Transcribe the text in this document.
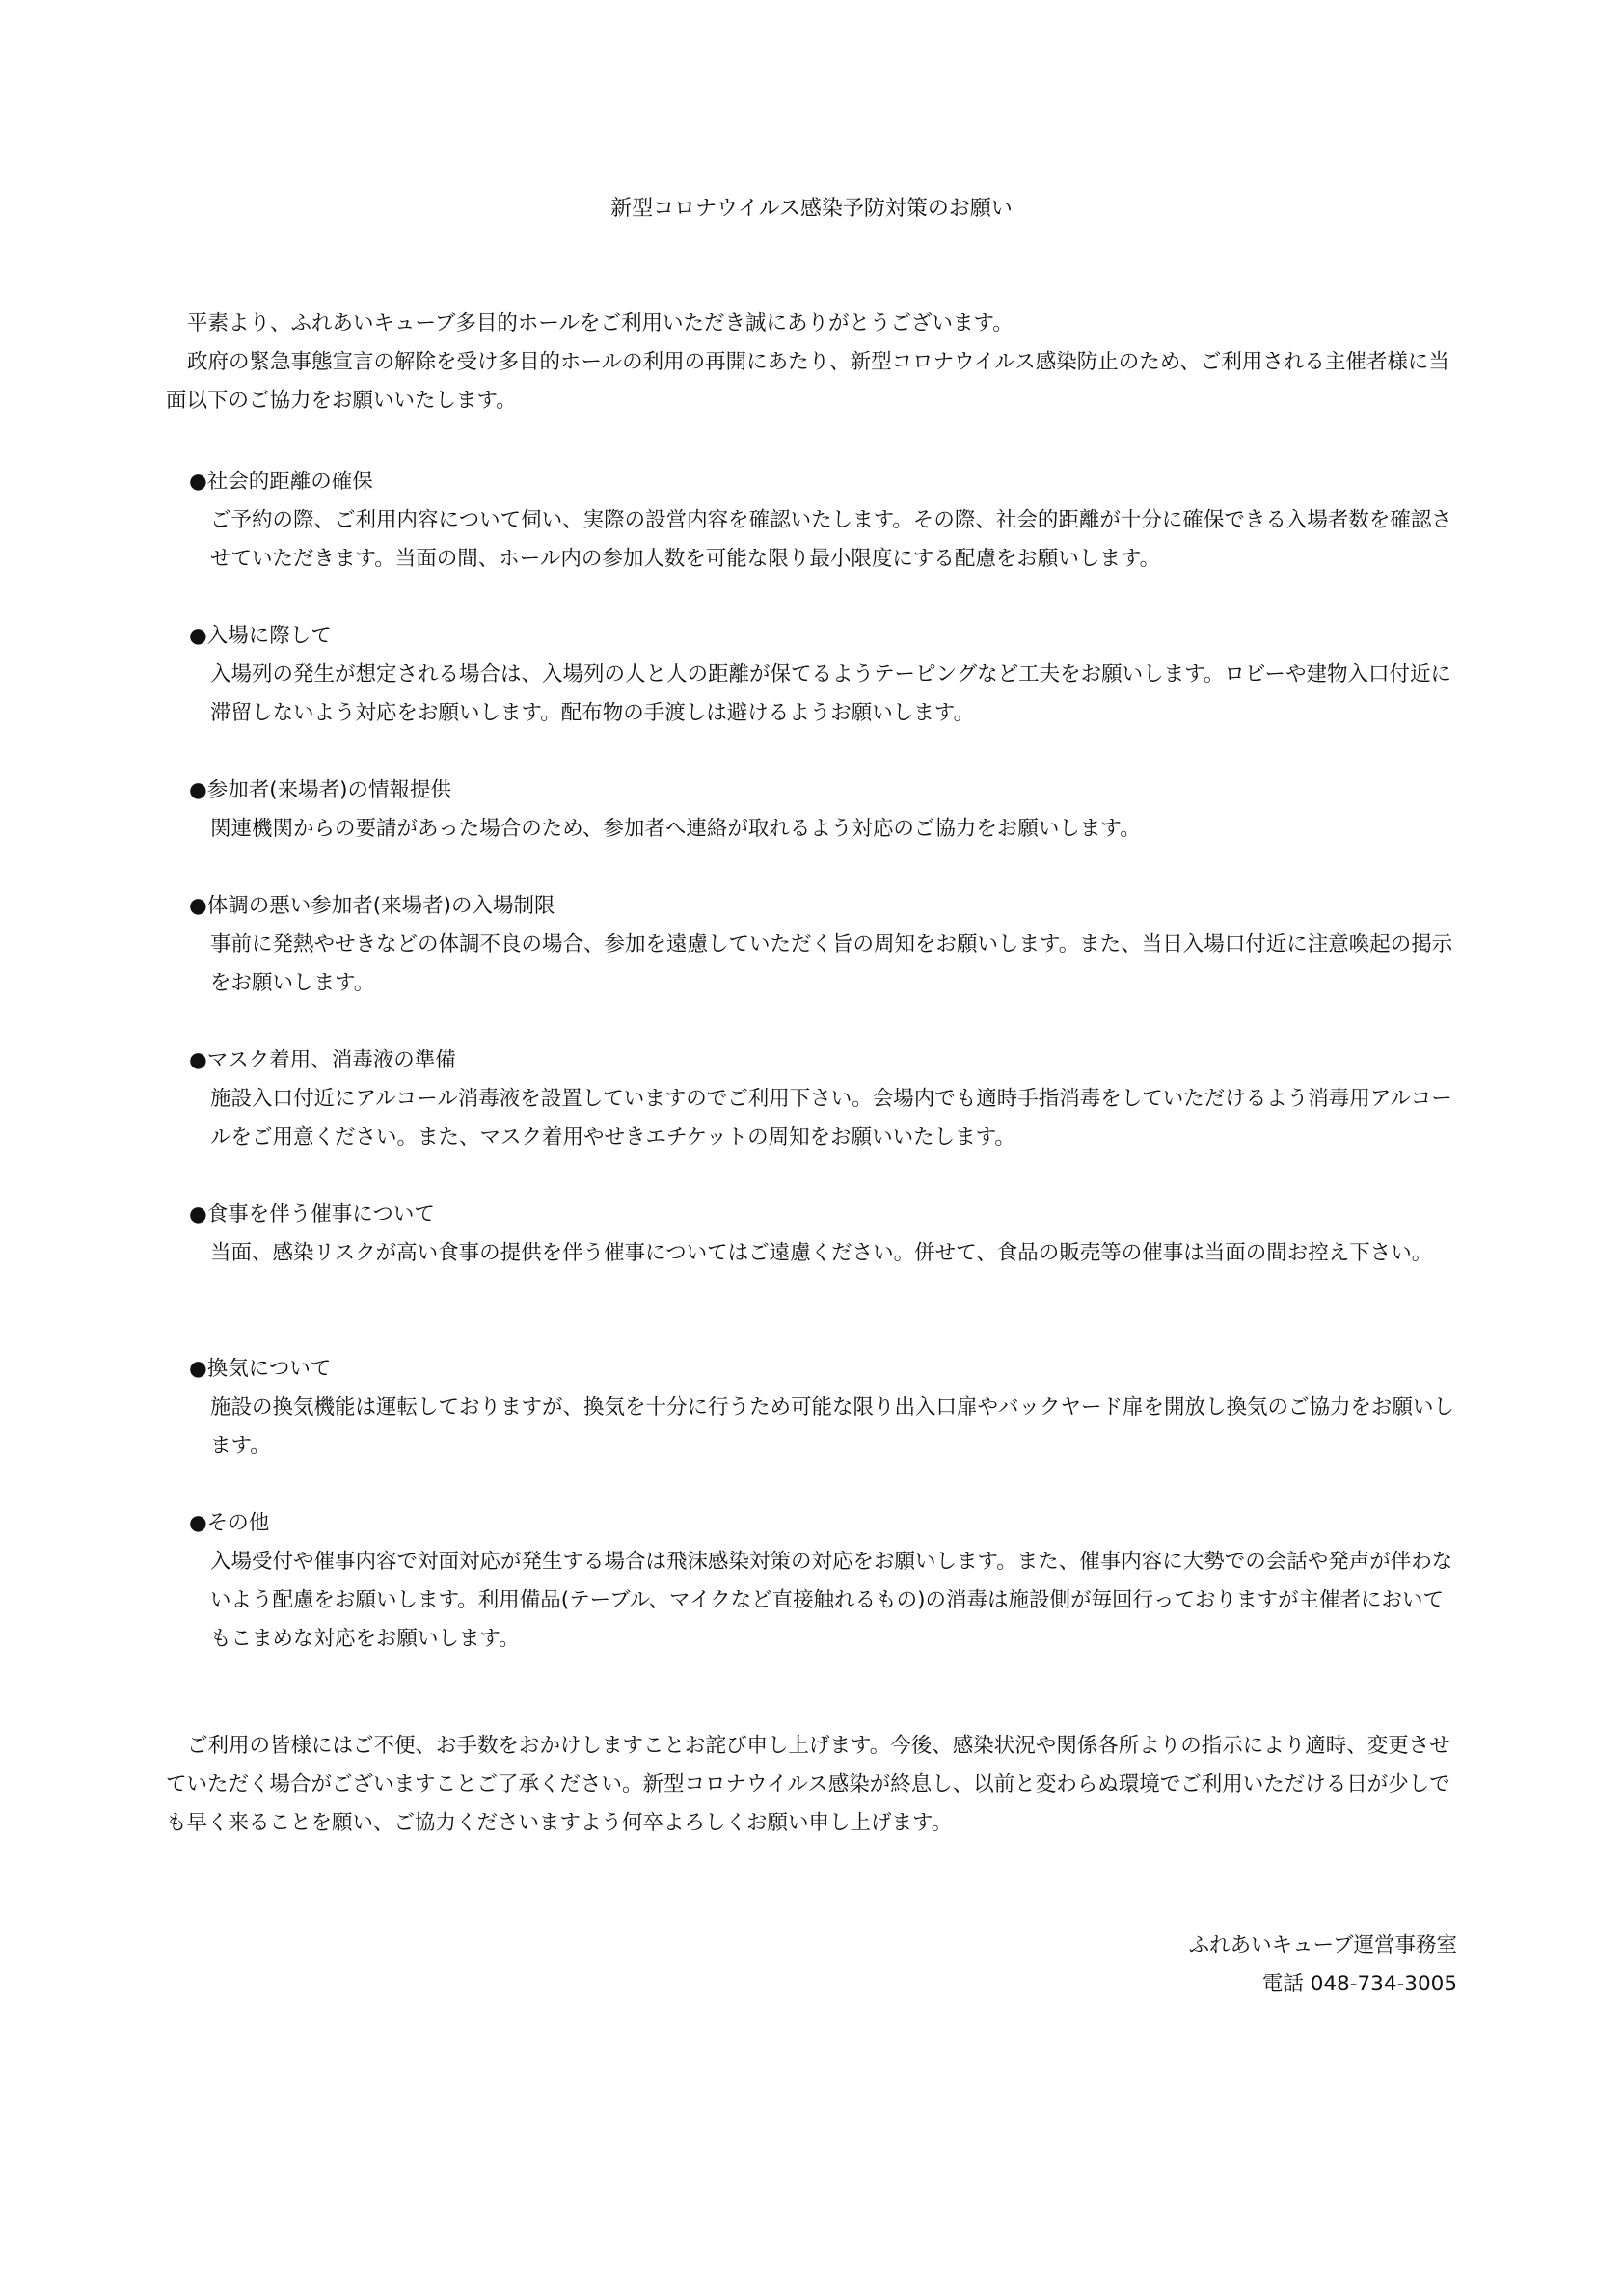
新型コロナウイルス感染予防対策のお願い

平素より、ふれあいキューブ多目的ホールをご利用いただき誠にありがとうございます。

政府の緊急事態宣言の解除を受け多目的ホールの利用の再開にあたり、新型コロナウイルス感染防止のため、ご利用される主催者様に当面以下のご協力をお願いいたします。

●社会的距離の確保
ご予約の際、ご利用内容について伺い、実際の設営内容を確認いたします。その際、社会的距離が十分に確保できる入場者数を確認させていただきます。当面の間、ホール内の参加人数を可能な限り最小限度にする配慮をお願いします。
●入場に際して
入場列の発生が想定される場合は、入場列の人と人の距離が保てるようテーピングなど工夫をお願いします。ロビーや建物入口付近に滞留しないよう対応をお願いします。配布物の手渡しは避けるようお願いします。
●参加者(来場者)の情報提供
関連機関からの要請があった場合のため、参加者へ連絡が取れるよう対応のご協力をお願いします。
●体調の悪い参加者(来場者)の入場制限
事前に発熱やせきなどの体調不良の場合、参加を遠慮していただく旨の周知をお願いします。また、当日入場口付近に注意喚起の掲示をお願いします。
●マスク着用、消毒液の準備
施設入口付近にアルコール消毒液を設置していますのでご利用下さい。会場内でも適時手指消毒をしていただけるよう消毒用アルコールをご用意ください。また、マスク着用やせきエチケットの周知をお願いいたします。
●食事を伴う催事について
当面、感染リスクが高い食事の提供を伴う催事についてはご遠慮ください。併せて、食品の販売等の催事は当面の間お控え下さい。
●換気について
施設の換気機能は運転しておりますが、換気を十分に行うため可能な限り出入口扉やバックヤード扉を開放し換気のご協力をお願いします。
●その他
入場受付や催事内容で対面対応が発生する場合は飛沫感染対策の対応をお願いします。また、催事内容に大勢での会話や発声が伴わないよう配慮をお願いします。利用備品(テーブル、マイクなど直接触れるもの)の消毒は施設側が毎回行っておりますが主催者においてもこまめな対応をお願いします。

ご利用の皆様にはご不便、お手数をおかけしますことお詫び申し上げます。今後、感染状況や関係各所よりの指示により適時、変更させていただく場合がございますことご了承ください。新型コロナウイルス感染が終息し、以前と変わらぬ環境でご利用いただける日が少しでも早く来ることを願い、ご協力くださいますよう何卒よろしくお願い申し上げます。

ふれあいキューブ運営事務室
電話 048-734-3005
